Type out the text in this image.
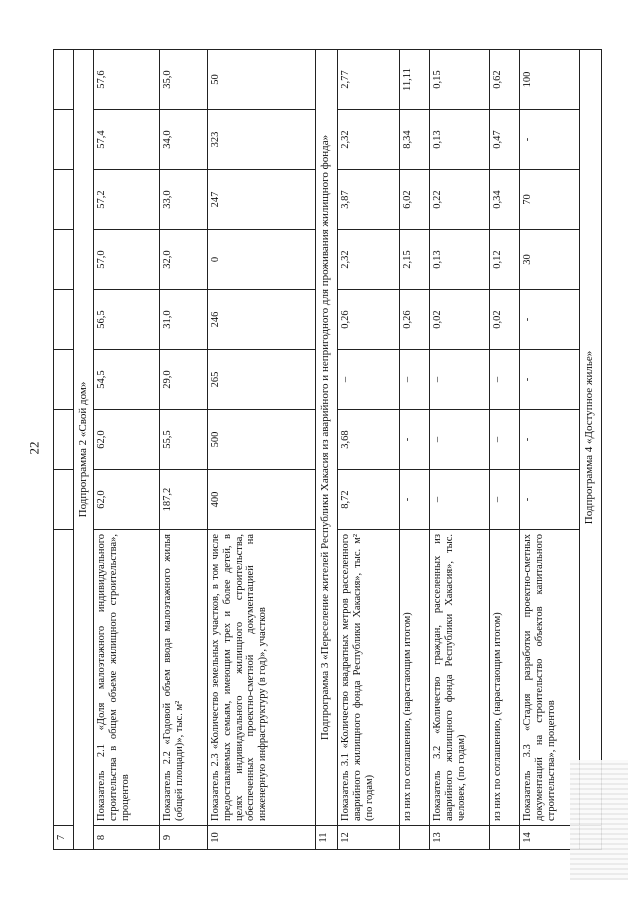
22
7									
Подпрограмма 2 «Свой дом»									
8	Показатель 2.1 «Доля малоэтажного индивидуального строительства в общем объеме жилищного строительства», процентов	62,0	62,0	54,5	56,5	57,0	57,2	57,4	57,6
9	Показатель 2.2 «Годовой объем ввода малоэтажного жилья (общей площади)», тыс. м²	187,2	55,5	29,0	31,0	32,0	33,0	34,0	35,0
10	Показатель 2.3 «Количество земельных участков, в том числе предоставляемых семьям, имеющим трех и более детей, в целях индивидуального жилищного строительства, обеспеченных проектно-сметной документацией на инженерную инфраструктуру (в год)», участков	400	500	265	246	0	247	323	50
11	Подпрограмма 3 «Переселение жителей Республики Хакасия из аварийного и непригодного для проживания жилищного фонда»								
12	Показатель 3.1 «Количество квадратных метров расселенного аварийного жилищного фонда Республики Хакасия», тыс. м² (по годам)	8,72	3,68	–	0,26	2,32	3,87	2,32	2,77
	из них по соглашению, (нарастающим итогом)	-	-	–	0,26	2,15	6,02	8,34	11,11
13	Показатель 3.2 «Количество граждан, расселенных из аварийного жилищного фонда Республики Хакасия», тыс. человек, (по годам)	–	–	–	0,02	0,13	0,22	0,13	0,15
	из них по соглашению, (нарастающим итогом)	–	–	–	0,02	0,12	0,34	0,47	0,62
14	Показатель 3.3 «Стадия разработки проектно-сметных документаций на строительство объектов капитального строительства», процентов	-	-	-	-	30	70	-	100
	Подпрограмма 4 «Доступное жилье»								
